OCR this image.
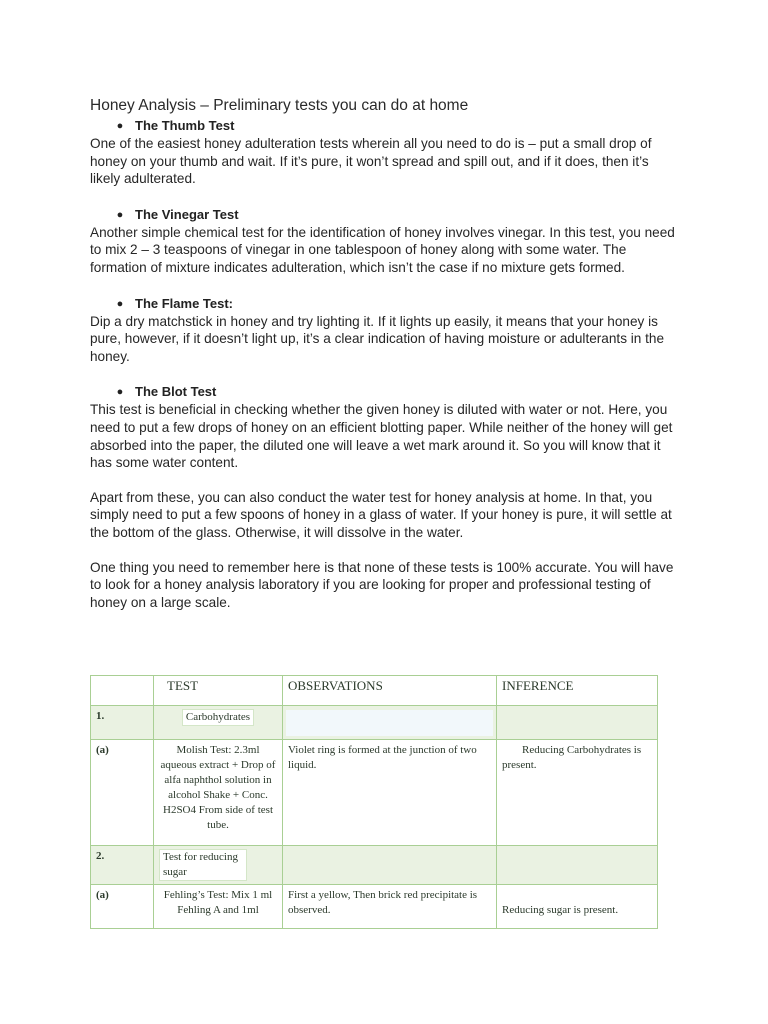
Honey Analysis – Preliminary tests you can do at home
● The Thumb Test
One of the easiest honey adulteration tests wherein all you need to do is – put a small drop of honey on your thumb and wait. If it’s pure, it won’t spread and spill out, and if it does, then it’s likely adulterated.
● The Vinegar Test
Another simple chemical test for the identification of honey involves vinegar. In this test, you need to mix 2 – 3 teaspoons of vinegar in one tablespoon of honey along with some water. The formation of mixture indicates adulteration, which isn’t the case if no mixture gets formed.
● The Flame Test:
Dip a dry matchstick in honey and try lighting it. If it lights up easily, it means that your honey is pure, however, if it doesn’t light up, it’s a clear indication of having moisture or adulterants in the honey.
● The Blot Test
This test is beneficial in checking whether the given honey is diluted with water or not. Here, you need to put a few drops of honey on an efficient blotting paper. While neither of the honey will get absorbed into the paper, the diluted one will leave a wet mark around it. So you will know that it has some water content.
Apart from these, you can also conduct the water test for honey analysis at home. In that, you simply need to put a few spoons of honey in a glass of water. If your honey is pure, it will settle at the bottom of the glass. Otherwise, it will dissolve in the water.
One thing you need to remember here is that none of these tests is 100% accurate. You will have to look for a honey analysis laboratory if you are looking for proper and professional testing of honey on a large scale.
	TEST	OBSERVATIONS	INFERENCE
1.	Carbohydrates	

(a)	Molish Test: 2.3ml aqueous extract + Drop of alfa naphthol solution in alcohol Shake + Conc. H2SO4 From side of test tube.	Violet ring is formed at the junction of two liquid.	Reducing Carbohydrates is present.

2.	Test for reducing sugar		

(a)	Fehling’s Test: Mix 1 ml Fehling A and 1ml	First a yellow, Then brick red precipitate is observed.	Reducing sugar is present.
